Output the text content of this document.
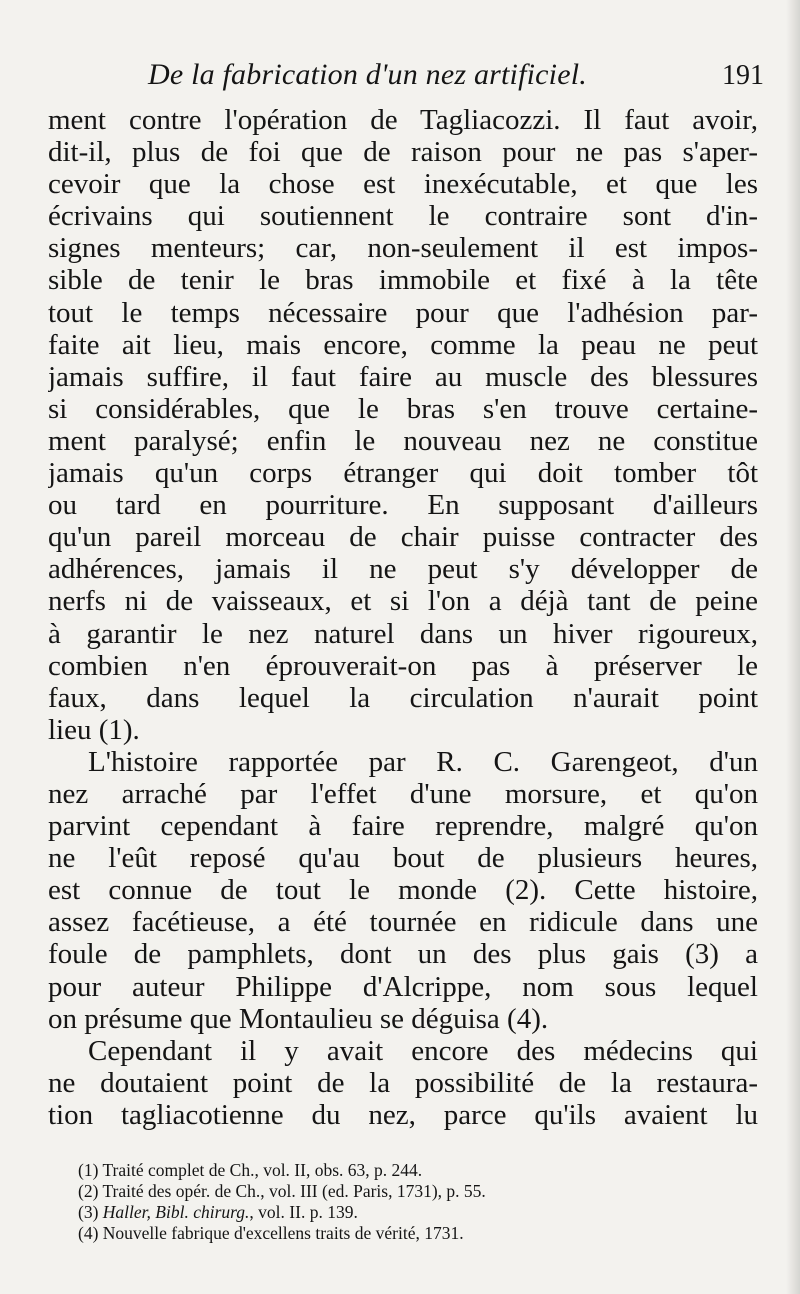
De la fabrication d'un nez artificiel.	191
ment contre l'opération de Tagliacozzi. Il faut avoir,
dit-il, plus de foi que de raison pour ne pas s'aper-
cevoir que la chose est inexécutable, et que les
écrivains qui soutiennent le contraire sont d'in-
signes menteurs; car, non-seulement il est impos-
sible de tenir le bras immobile et fixé à la tête
tout le temps nécessaire pour que l'adhésion par-
faite ait lieu, mais encore, comme la peau ne peut
jamais suffire, il faut faire au muscle des blessures
si considérables, que le bras s'en trouve certaine-
ment paralysé; enfin le nouveau nez ne constitue
jamais qu'un corps étranger qui doit tomber tôt
ou tard en pourriture. En supposant d'ailleurs
qu'un pareil morceau de chair puisse contracter des
adhérences, jamais il ne peut s'y développer de
nerfs ni de vaisseaux, et si l'on a déjà tant de peine
à garantir le nez naturel dans un hiver rigoureux,
combien n'en éprouverait-on pas à préserver le
faux, dans lequel la circulation n'aurait point
lieu (1).
L'histoire rapportée par R. C. Garengeot, d'un
nez arraché par l'effet d'une morsure, et qu'on
parvint cependant à faire reprendre, malgré qu'on
ne l'eût reposé qu'au bout de plusieurs heures,
est connue de tout le monde (2). Cette histoire,
assez facétieuse, a été tournée en ridicule dans une
foule de pamphlets, dont un des plus gais (3) a
pour auteur Philippe d'Alcrippe, nom sous lequel
on présume que Montaulieu se déguisa (4).
Cependant il y avait encore des médecins qui
ne doutaient point de la possibilité de la restaura-
tion tagliacotienne du nez, parce qu'ils avaient lu
(1) Traité complet de Ch., vol. II, obs. 63, p. 244.
(2) Traité des opér. de Ch., vol. III (ed. Paris, 1731), p. 55.
(3) Haller, Bibl. chirurg., vol. II. p. 139.
(4) Nouvelle fabrique d'excellens traits de vérité, 1731.
